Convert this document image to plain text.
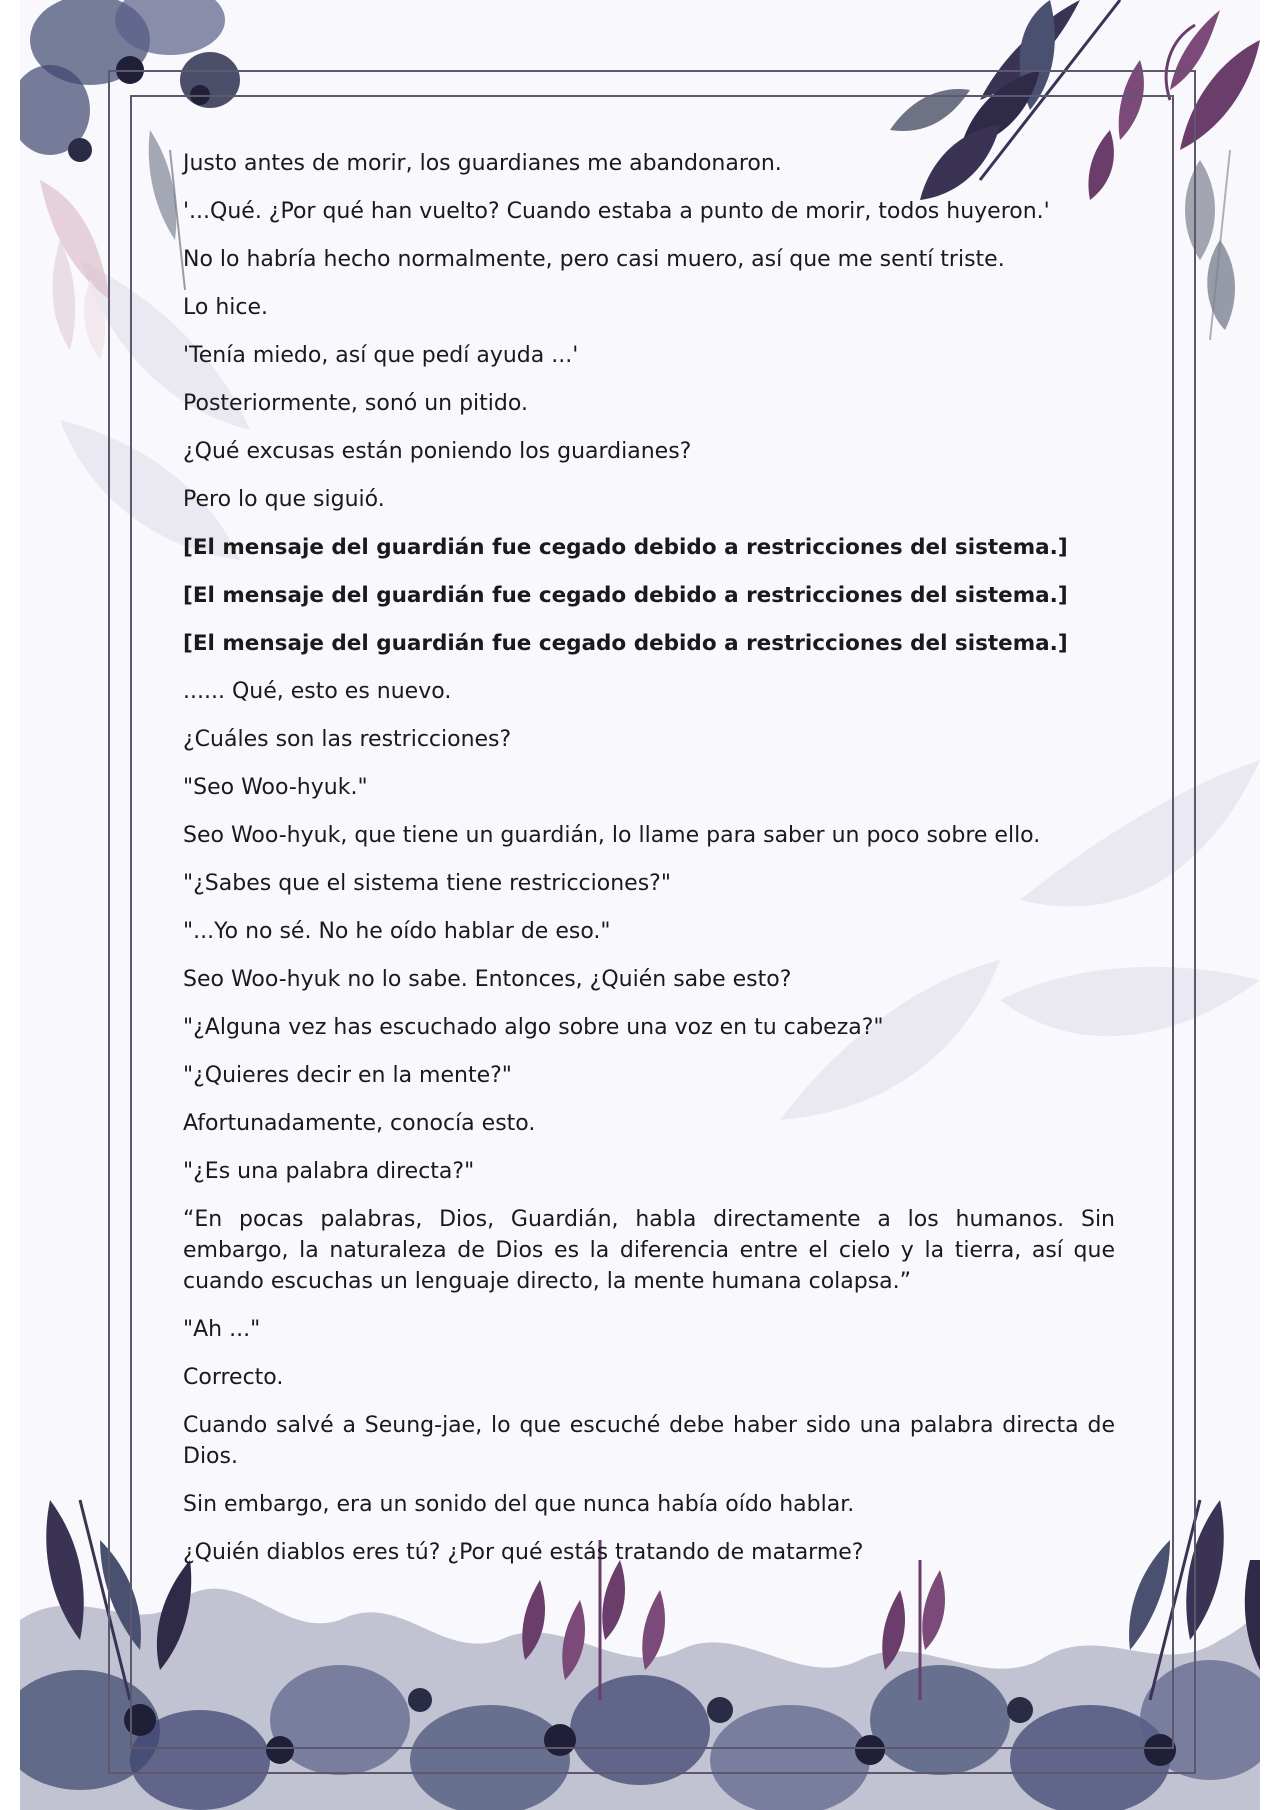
Justo antes de morir, los guardianes me abandonaron.

'...Qué. ¿Por qué han vuelto? Cuando estaba a punto de morir, todos huyeron.'

No lo habría hecho normalmente, pero casi muero, así que me sentí triste.

Lo hice.

'Tenía miedo, así que pedí ayuda ...'

Posteriormente, sonó un pitido.

¿Qué excusas están poniendo los guardianes?

Pero lo que siguió.

[El mensaje del guardián fue cegado debido a restricciones del sistema.]

[El mensaje del guardián fue cegado debido a restricciones del sistema.]

[El mensaje del guardián fue cegado debido a restricciones del sistema.]

...... Qué, esto es nuevo.

¿Cuáles son las restricciones?

"Seo Woo-hyuk."

Seo Woo-hyuk, que tiene un guardián, lo llame para saber un poco sobre ello.

"¿Sabes que el sistema tiene restricciones?"

"...Yo no sé. No he oído hablar de eso."

Seo Woo-hyuk no lo sabe. Entonces, ¿Quién sabe esto?

"¿Alguna vez has escuchado algo sobre una voz en tu cabeza?"

"¿Quieres decir en la mente?"

Afortunadamente, conocía esto.

"¿Es una palabra directa?"

“En pocas palabras, Dios, Guardián, habla directamente a los humanos. Sin embargo, la naturaleza de Dios es la diferencia entre el cielo y la tierra, así que cuando escuchas un lenguaje directo, la mente humana colapsa.”

"Ah ..."

Correcto.

Cuando salvé a Seung-jae, lo que escuché debe haber sido una palabra directa de Dios.

Sin embargo, era un sonido del que nunca había oído hablar.

¿Quién diablos eres tú? ¿Por qué estás tratando de matarme?
